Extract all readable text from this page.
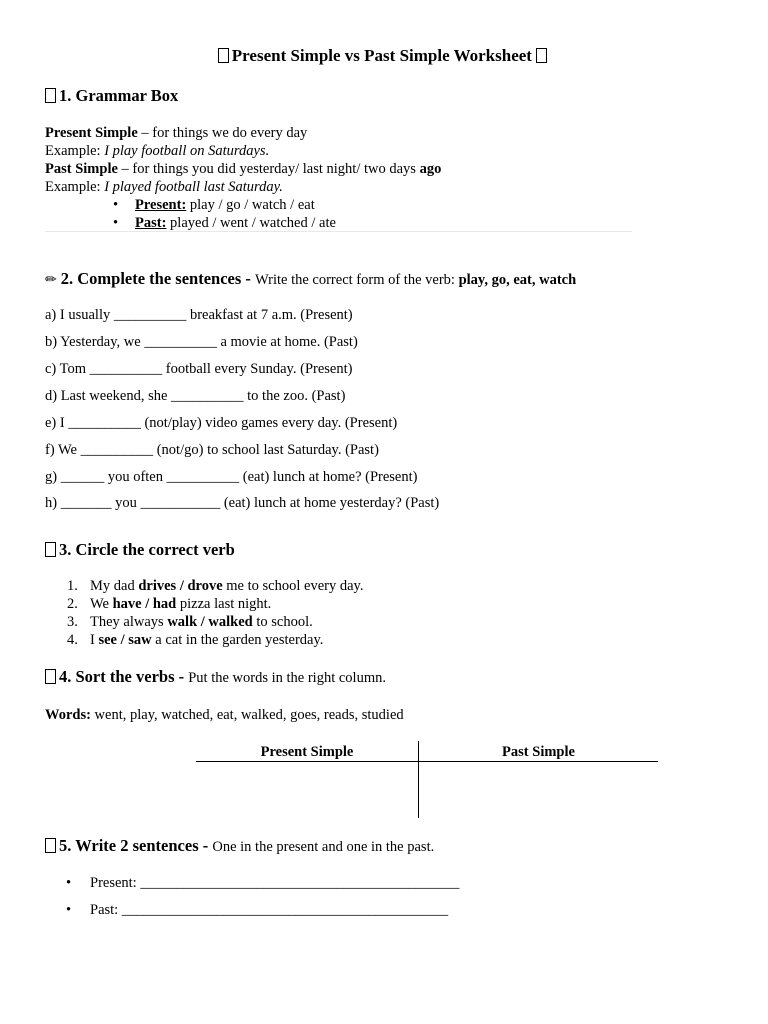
Present Simple vs Past Simple Worksheet
1. Grammar Box
Present Simple – for things we do every day
Example: I play football on Saturdays.
Past Simple – for things you did yesterday/ last night/ two days ago
Example: I played football last Saturday.
• Present: play / go / watch / eat
• Past: played / went / watched / ate
✏ 2. Complete the sentences - Write the correct form of the verb: play, go, eat, watch
a) I usually __________ breakfast at 7 a.m. (Present)
b) Yesterday, we __________ a movie at home. (Past)
c) Tom __________ football every Sunday. (Present)
d) Last weekend, she __________ to the zoo. (Past)
e) I __________ (not/play) video games every day. (Present)
f) We __________ (not/go) to school last Saturday. (Past)
g) ______ you often __________ (eat) lunch at home? (Present)
h) _______ you ___________ (eat) lunch at home yesterday? (Past)
3. Circle the correct verb
1. My dad drives / drove me to school every day.
2. We have / had pizza last night.
3. They always walk / walked to school.
4. I see / saw a cat in the garden yesterday.
4. Sort the verbs - Put the words in the right column.
Words: went, play, watched, eat, walked, goes, reads, studied
Present Simple	Past Simple
5. Write 2 sentences - One in the present and one in the past.
• Present: ____________________________________________
• Past: _____________________________________________
